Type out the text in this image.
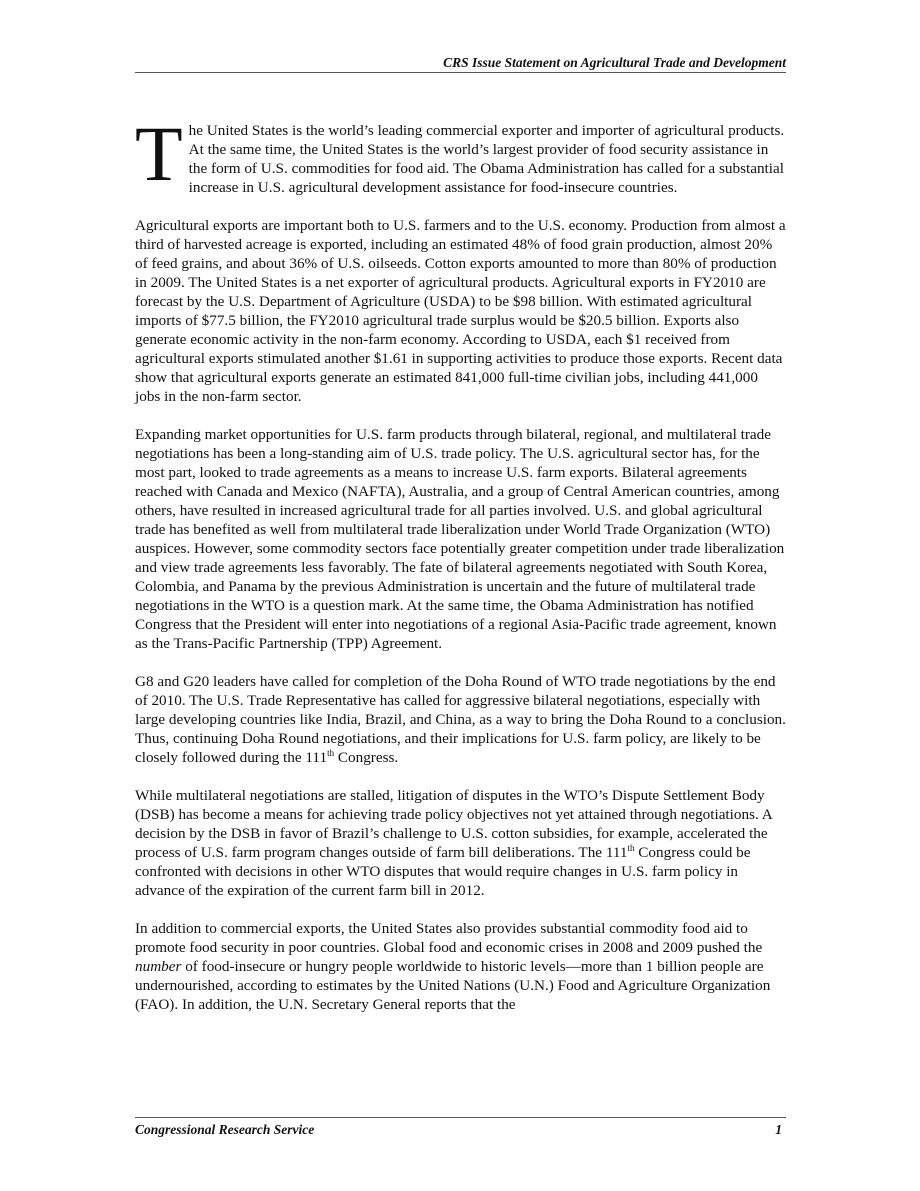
CRS Issue Statement on Agricultural Trade and Development

The United States is the world’s leading commercial exporter and importer of agricultural products. At the same time, the United States is the world’s largest provider of food security assistance in the form of U.S. commodities for food aid. The Obama Administration has called for a substantial increase in U.S. agricultural development assistance for food-insecure countries.

Agricultural exports are important both to U.S. farmers and to the U.S. economy. Production from almost a third of harvested acreage is exported, including an estimated 48% of food grain production, almost 20% of feed grains, and about 36% of U.S. oilseeds. Cotton exports amounted to more than 80% of production in 2009. The United States is a net exporter of agricultural products. Agricultural exports in FY2010 are forecast by the U.S. Department of Agriculture (USDA) to be $98 billion. With estimated agricultural imports of $77.5 billion, the FY2010 agricultural trade surplus would be $20.5 billion. Exports also generate economic activity in the non-farm economy. According to USDA, each $1 received from agricultural exports stimulated another $1.61 in supporting activities to produce those exports. Recent data show that agricultural exports generate an estimated 841,000 full-time civilian jobs, including 441,000 jobs in the non-farm sector.

Expanding market opportunities for U.S. farm products through bilateral, regional, and multilateral trade negotiations has been a long-standing aim of U.S. trade policy. The U.S. agricultural sector has, for the most part, looked to trade agreements as a means to increase U.S. farm exports. Bilateral agreements reached with Canada and Mexico (NAFTA), Australia, and a group of Central American countries, among others, have resulted in increased agricultural trade for all parties involved. U.S. and global agricultural trade has benefited as well from multilateral trade liberalization under World Trade Organization (WTO) auspices. However, some commodity sectors face potentially greater competition under trade liberalization and view trade agreements less favorably. The fate of bilateral agreements negotiated with South Korea, Colombia, and Panama by the previous Administration is uncertain and the future of multilateral trade negotiations in the WTO is a question mark. At the same time, the Obama Administration has notified Congress that the President will enter into negotiations of a regional Asia-Pacific trade agreement, known as the Trans-Pacific Partnership (TPP) Agreement.

G8 and G20 leaders have called for completion of the Doha Round of WTO trade negotiations by the end of 2010. The U.S. Trade Representative has called for aggressive bilateral negotiations, especially with large developing countries like India, Brazil, and China, as a way to bring the Doha Round to a conclusion. Thus, continuing Doha Round negotiations, and their implications for U.S. farm policy, are likely to be closely followed during the 111th Congress.

While multilateral negotiations are stalled, litigation of disputes in the WTO’s Dispute Settlement Body (DSB) has become a means for achieving trade policy objectives not yet attained through negotiations. A decision by the DSB in favor of Brazil’s challenge to U.S. cotton subsidies, for example, accelerated the process of U.S. farm program changes outside of farm bill deliberations. The 111th Congress could be confronted with decisions in other WTO disputes that would require changes in U.S. farm policy in advance of the expiration of the current farm bill in 2012.

In addition to commercial exports, the United States also provides substantial commodity food aid to promote food security in poor countries. Global food and economic crises in 2008 and 2009 pushed the number of food-insecure or hungry people worldwide to historic levels—more than 1 billion people are undernourished, according to estimates by the United Nations (U.N.) Food and Agriculture Organization (FAO). In addition, the U.N. Secretary General reports that the

Congressional Research Service	1
